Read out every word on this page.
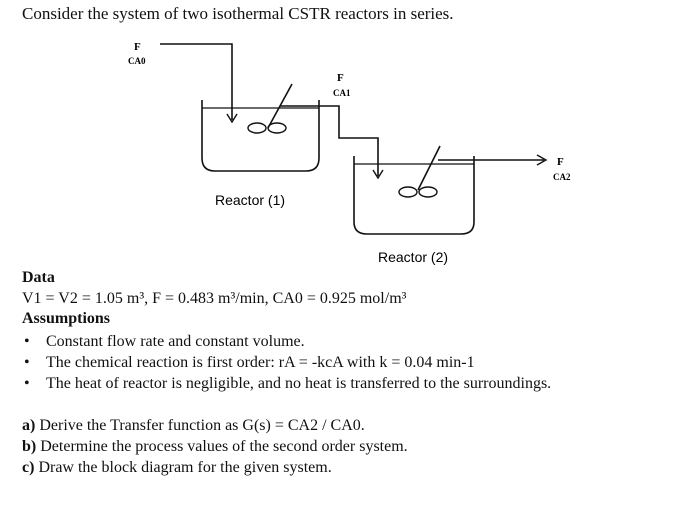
Consider the system of two isothermal CSTR reactors in series.
F
CA0
F
CA1
F
CA2
Reactor (1)
Reactor (2)
Data
V1 = V2 = 1.05 m³, F = 0.483 m³/min, CA0 = 0.925 mol/m³
Assumptions
• Constant flow rate and constant volume.
• The chemical reaction is first order: rA = -kcA with k = 0.04 min-1
• The heat of reactor is negligible, and no heat is transferred to the surroundings.
a) Derive the Transfer function as G(s) = CA2 / CA0.
b) Determine the process values of the second order system.
c) Draw the block diagram for the given system.
